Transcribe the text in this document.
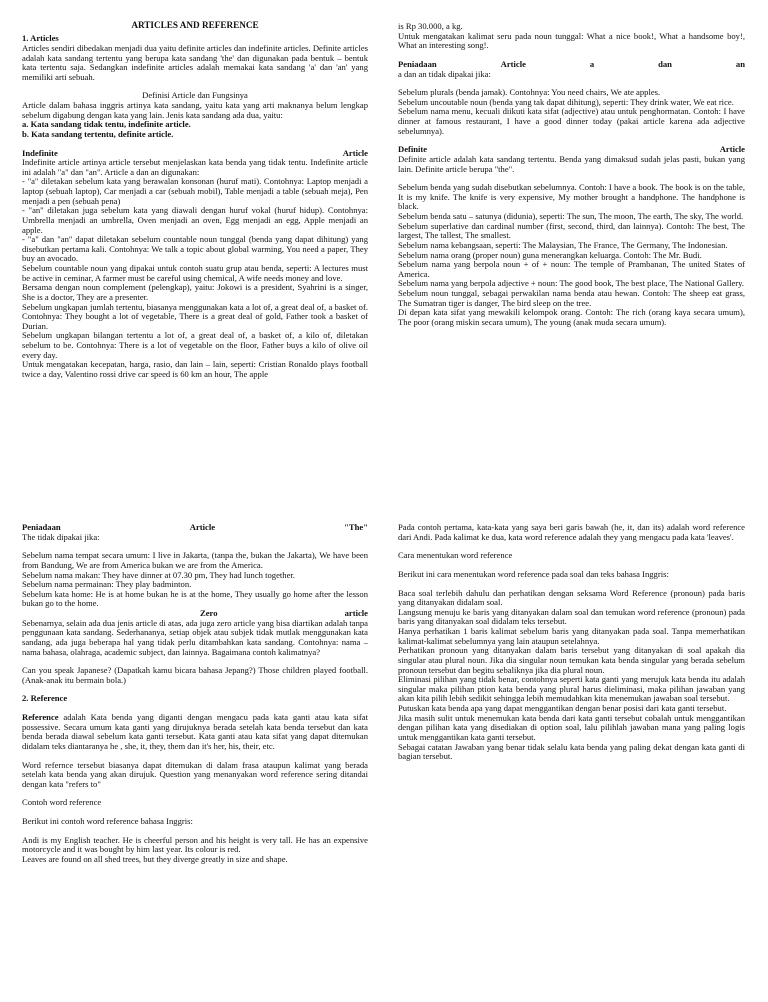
ARTICLES AND REFERENCE

1. Articles

Articles sendiri dibedakan menjadi dua yaitu definite articles dan indefinite articles. Definite articles adalah kata sandang tertentu yang berupa kata sandang 'the' dan digunakan pada bentuk – bentuk kata tertentu saja. Sedangkan indefinite articles adalah memakai kata sandang 'a' dan 'an' yang memiliki arti sebuah.

Definisi Article dan Fungsinya

Article dalam bahasa inggris artinya kata sandang, yaitu kata yang arti maknanya belum lengkap sebelum digabung dengan kata yang lain. Jenis kata sandang ada dua, yaitu:

a. Kata sandang tidak tentu, indefinite article.

b. Kata sandang tertentu, definite article.

Indefinite	Article

Indefinite article artinya article tersebut menjelaskan kata benda yang tidak tentu. Indefinite article ini adalah "a" dan "an". Article a dan an digunakan:

- "a" diletakan sebelum kata yang berawalan konsonan (huruf mati). Contohnya: Laptop menjadi a laptop (sebuah laptop), Car menjadi a car (sebuah mobil), Table menjadi a table (sebuah meja), Pen menjadi a pen (sebuah pena)

- "an" diletakan juga sebelum kata yang diawali dengan huruf vokal (huruf hidup). Contohnya: Umbrella menjadi an umbrella, Oven menjadi an oven, Egg menjadi an egg, Apple menjadi an apple.

- "a" dan "an" dapat diletakan sebelum countable noun tunggal (benda yang dapat dihitung) yang disebutkan pertama kali. Contohnya: We talk a topic about global warming, You need a paper, They buy an avocado.

Sebelum countable noun yang dipakai untuk contoh suatu grup atau benda, seperti: A lectures must be active in ceminar, A farmer must be careful using chemical, A wife needs money and love.

Bersama dengan noun complement (pelengkap), yaitu: Jokowi is a president, Syahrini is a singer, She is a doctor, They are a presenter.

Sebelum ungkapan jumlah tertentu, biasanya menggunakan kata a lot of, a great deal of, a basket of. Contohnya: They bought a lot of vegetable, There is a great deal of gold, Father took a basket of Durian.

Sebelum ungkapan bilangan tertentu a lot of, a great deal of, a basket of, a kilo of, diletakan sebelum to be. Contohnya: There is a lot of vegetable on the floor, Father buys a kilo of olive oil every day.

Untuk mengatakan kecepatan, harga, rasio, dan lain – lain, seperti: Cristian Ronaldo plays football twice a day, Valentino rossi drive car speed is 60 km an hour, The apple

is Rp 30.000, a kg.

Untuk mengatakan kalimat seru pada noun tunggal: What a nice book!, What a handsome boy!, What an interesting song!.

Peniadaan	Article	a	dan	an

a dan an tidak dipakai jika:

Sebelum plurals (benda jamak). Contohnya: You need chairs, We ate apples.

Sebelum uncoutable noun (benda yang tak dapat dihitung), seperti: They drink water, We eat rice.

Sebelum nama menu, kecuali diikuti kata sifat (adjective) atau untuk penghormatan. Contoh: I have dinner at famous restaurant, I have a good dinner today (pakai article karena ada adjective sebelumnya).

Definite	Article

Definite article adalah kata sandang tertentu. Benda yang dimaksud sudah jelas pasti, bukan yang lain. Definite article berupa "the".

Sebelum benda yang sudah disebutkan sebelumnya. Contoh: I have a book. The book is on the table, It is my knife. The knife is very expensive, My mother brought a handphone. The handphone is black.

Sebelum benda satu – satunya (didunia), seperti: The sun, The moon, The earth, The sky, The world.

Sebelum superlative dan cardinal number (first, second, third, dan lainnya). Contoh: The best, The largest, The tallest, The smallest.

Sebelum nama kebangsaan, seperti: The Malaysian, The France, The Germany, The Indonesian.

Sebelum nama orang (proper noun) guna menerangkan keluarga. Contoh: The Mr. Budi.

Sebelum nama yang berpola noun + of + noun: The temple of Prambanan, The united States of America.

Sebelum nama yang berpola adjective + noun: The good book, The best place, The National Gallery.

Sebelum noun tunggal, sebagai perwakilan nama benda atau hewan. Contoh: The sheep eat grass, The Sumatran tiger is danger, The bird sleep on the tree.

Di depan kata sifat yang mewakili kelompok orang. Contoh: The rich (orang kaya secara umum), The poor (orang miskin secara umum), The young (anak muda secara umum).

Peniadaan	Article	"The"

The tidak dipakai jika:

Sebelum nama tempat secara umum: I live in Jakarta, (tanpa the, bukan the Jakarta), We have been from Bandung, We are from America bukan we are from the America.

Sebelum nama makan: They have dinner at 07.30 pm, They had lunch together.

Sebelum nama permainan: They play badminton.

Sebelum kata home: He is at home bukan he is at the home, They usually go home after the lesson bukan go to the home.

Zero	article

Sebenarnya, selain ada dua jenis article di atas, ada juga zero article yang bisa diartikan adalah tanpa penggunaan kata sandang. Sederhananya, setiap objek atau subjek tidak mutlak menggunakan kata sandang, ada juga beberapa hal yang tidak perlu ditambahkan kata sandang. Contohnya: nama – nama bahasa, olahraga, academic subject, dan lainnya. Bagaimana contoh kalimatnya?

Can you speak Japanese? (Dapatkah kamu bicara bahasa Jepang?) Those children played football. (Anak-anak itu bermain bola.)

2. Reference

Reference adalah Kata benda yang diganti dengan mengacu pada kata ganti atau kata sifat possessive. Secara umum kata ganti yang dirujuknya berada setelah kata benda tersebut dan kata benda berada diawal sebelum kata ganti tersebut. Kata ganti atau kata sifat yang dapat ditemukan didalam teks diantaranya he , she, it, they, them dan it's her, his, their, etc.

Word refernce tersebut biasanya dapat ditemukan di dalam frasa ataupun kalimat yang berada setelah kata benda yang akan dirujuk. Question yang menanyakan word reference sering ditandai dengan kata "refers to"

Contoh word reference

Berikut ini contoh word reference bahasa Inggris:

Andi is my English teacher. He is cheerful person and his height is very tall. He has an expensive motorcycle and it was bought by him last year. Its colour is red.

Leaves are found on all shed trees, but they diverge greatly in size and shape.

Pada contoh pertama, kata-kata yang saya beri garis bawah (he, it, dan its) adalah word reference dari Andi. Pada kalimat ke dua, kata word reference adalah they yang mengacu pada kata 'leaves'.

Cara menentukan word reference

Berikut ini cara menentukan word reference pada soal dan teks bahasa Inggris:

Baca soal terlebih dahulu dan perhatikan dengan seksama Word Reference (pronoun) pada baris yang ditanyakan didalam soal.

Langsung menuju ke baris yang ditanyakan dalam soal dan temukan word reference (pronoun) pada baris yang ditanyakan soal didalam teks tersebut.

Hanya perhatikan 1 baris kalimat sebelum baris yang ditanyakan pada soal. Tanpa memerhatikan kalimat-kalimat sebelumnya yang lain ataupun setelahnya.

Perhatikan pronoun yang ditanyakan dalam baris tersebut yang ditanyakan di soal apakah dia singular atau plural noun. Jika dia singular noun temukan kata benda singular yang berada sebelum pronoun tersebut dan begitu sebaliknya jika dia plural noun.

Eliminasi pilihan yang tidak benar, contohnya seperti kata ganti yang merujuk kata benda itu adalah singular maka pilihan ption kata benda yang plural harus dieliminasi, maka pilihan jawaban yang akan kita pilih lebih sedikit sehingga lebih memudahkan kita menemukan jawaban soal tersebut.

Putuskan kata benda apa yang dapat menggantikan dengan benar posisi dari kata ganti tersebut.

Jika masih sulit untuk menemukan kata benda dari kata ganti tersebut cobalah untuk menggantikan dengan pilihan kata yang disediakan di option soal, lalu pilihlah jawaban mana yang paling logis untuk menggantikan kata ganti tersebut.

Sebagai catatan Jawaban yang benar tidak selalu kata benda yang paling dekat dengan kata ganti di bagian tersebut.
